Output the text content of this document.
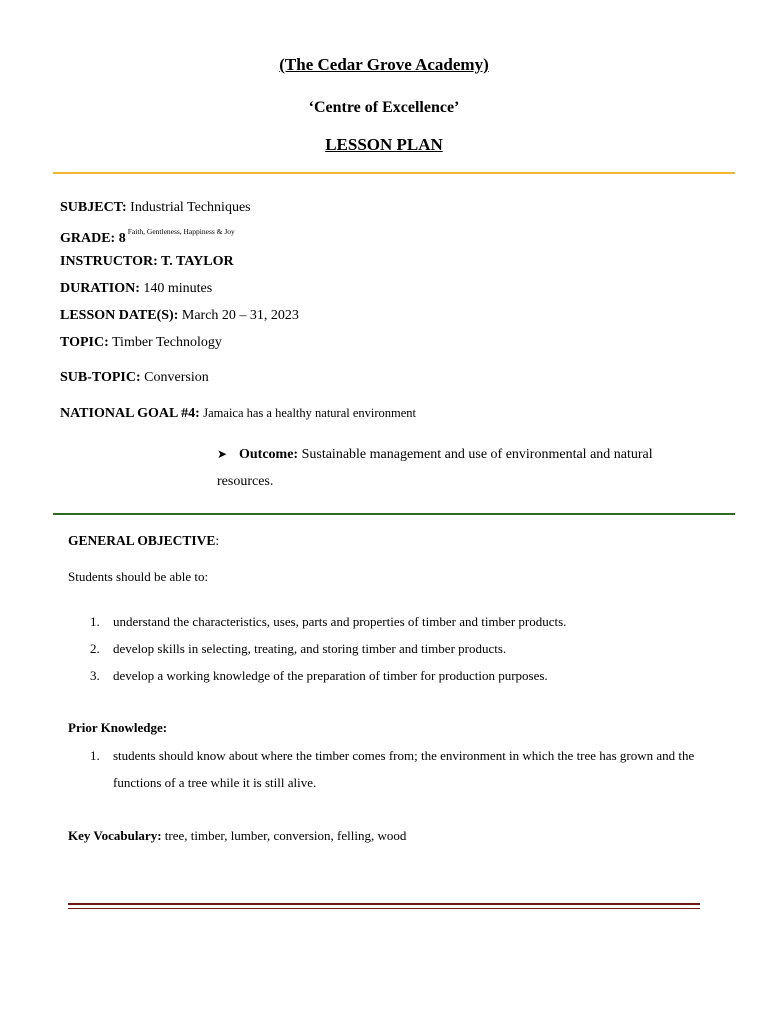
(The Cedar Grove Academy)
‘Centre of Excellence’
LESSON PLAN
SUBJECT: Industrial Techniques
GRADE: 8 $^{Faith, Gentleness, Happiness \& Joy}$
INSTRUCTOR: T. TAYLOR
DURATION: 140 minutes
LESSON DATE(S): March 20 – 31, 2023
TOPIC: Timber Technology
SUB-TOPIC: Conversion
NATIONAL GOAL #4: Jamaica has a healthy natural environment
➤ Outcome: Sustainable management and use of environmental and natural resources.
GENERAL OBJECTIVE:
Students should be able to:
1.	understand the characteristics, uses, parts and properties of timber and timber products.
2.	develop skills in selecting, treating, and storing timber and timber products.
3.	develop a working knowledge of the preparation of timber for production purposes.
Prior Knowledge:
1.	students should know about where the timber comes from; the environment in which the tree has grown and the functions of a tree while it is still alive.
Key Vocabulary: tree, timber, lumber, conversion, felling, wood
